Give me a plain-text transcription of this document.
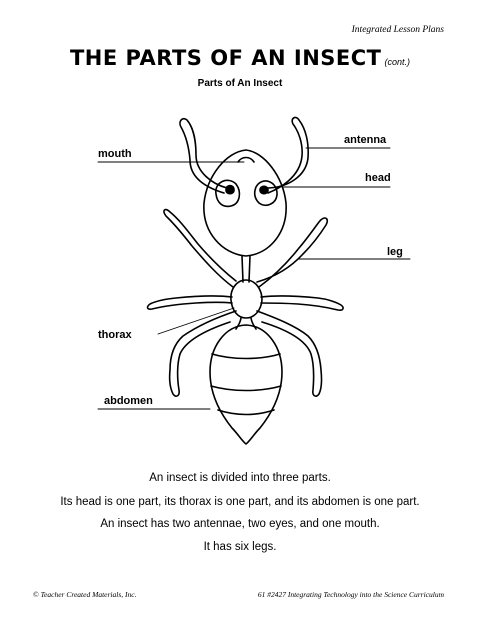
Integrated Lesson Plans
THE PARTS OF AN INSECT (cont.)
Parts of An Insect
mouth
antenna
head
leg
thorax
abdomen
An insect is divided into three parts.
Its head is one part, its thorax is one part, and its abdomen is one part.
An insect has two antennae, two eyes, and one mouth.
It has six legs.
© Teacher Created Materials, Inc.	61 #2427 Integrating Technology into the Science Curriculum
